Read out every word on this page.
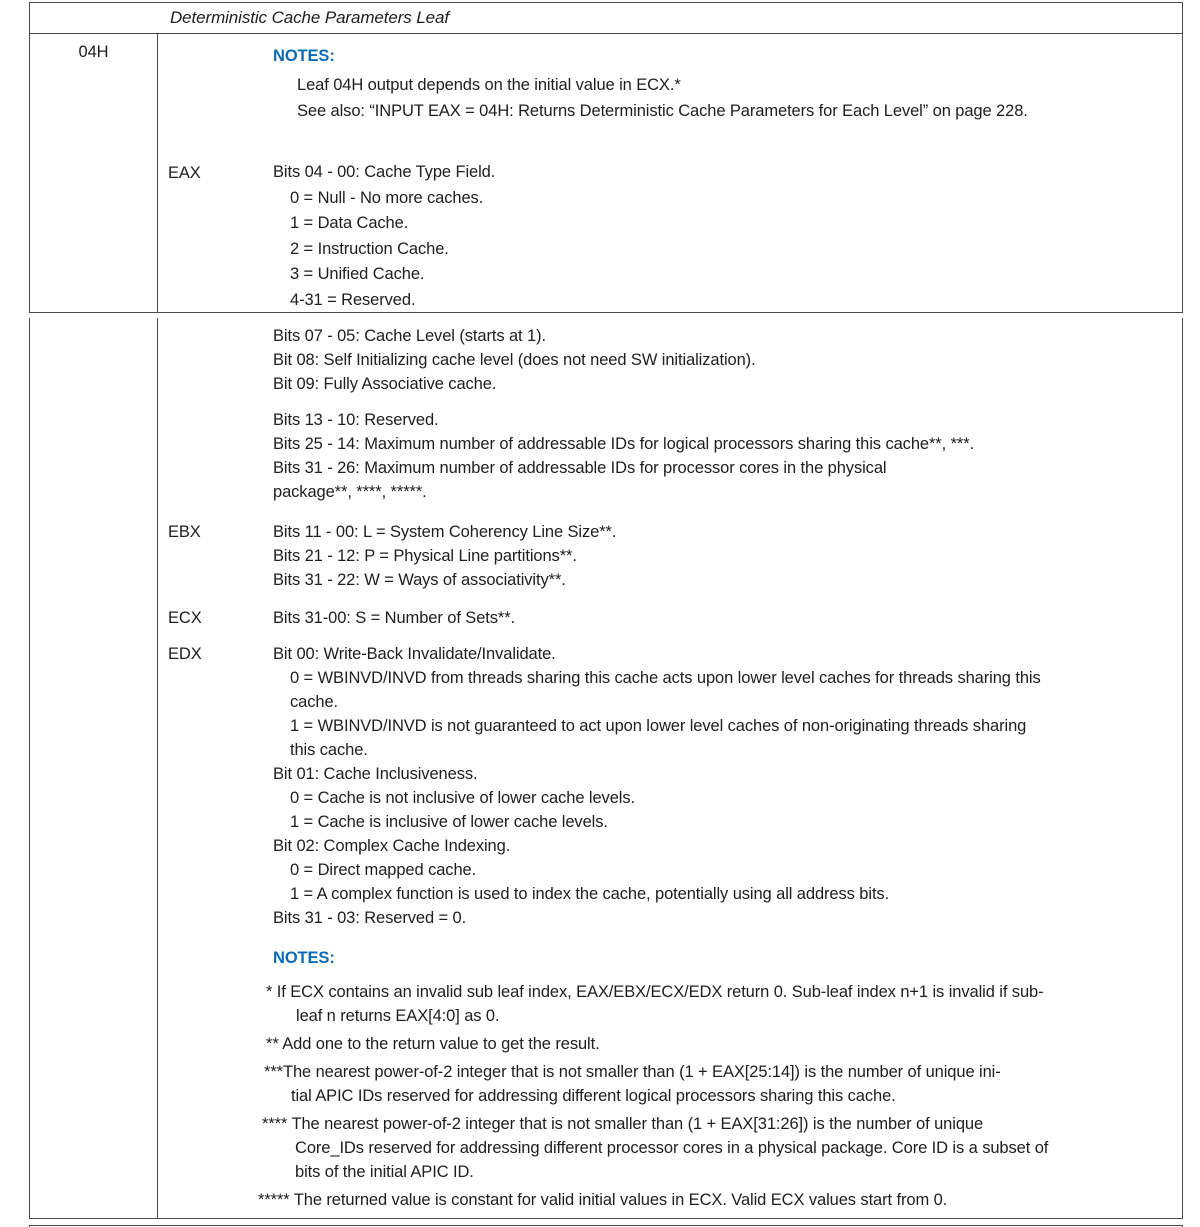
Deterministic Cache Parameters Leaf
04H	NOTES:
Leaf 04H output depends on the initial value in ECX.*
See also: “INPUT EAX = 04H: Returns Deterministic Cache Parameters for Each Level” on page 228.
EAX	Bits 04 - 00: Cache Type Field.
0 = Null - No more caches.
1 = Data Cache.
2 = Instruction Cache.
3 = Unified Cache.
4-31 = Reserved.
Bits 07 - 05: Cache Level (starts at 1).
Bit 08: Self Initializing cache level (does not need SW initialization).
Bit 09: Fully Associative cache.
Bits 13 - 10: Reserved.
Bits 25 - 14: Maximum number of addressable IDs for logical processors sharing this cache**, ***.
Bits 31 - 26: Maximum number of addressable IDs for processor cores in the physical
package**, ****, *****.
EBX	Bits 11 - 00: L = System Coherency Line Size**.
Bits 21 - 12: P = Physical Line partitions**.
Bits 31 - 22: W = Ways of associativity**.
ECX	Bits 31-00: S = Number of Sets**.
EDX	Bit 00: Write-Back Invalidate/Invalidate.
0 = WBINVD/INVD from threads sharing this cache acts upon lower level caches for threads sharing this
cache.
1 = WBINVD/INVD is not guaranteed to act upon lower level caches of non-originating threads sharing
this cache.
Bit 01: Cache Inclusiveness.
0 = Cache is not inclusive of lower cache levels.
1 = Cache is inclusive of lower cache levels.
Bit 02: Complex Cache Indexing.
0 = Direct mapped cache.
1 = A complex function is used to index the cache, potentially using all address bits.
Bits 31 - 03: Reserved = 0.
NOTES:
* If ECX contains an invalid sub leaf index, EAX/EBX/ECX/EDX return 0. Sub-leaf index n+1 is invalid if sub-
leaf n returns EAX[4:0] as 0.
** Add one to the return value to get the result.
***The nearest power-of-2 integer that is not smaller than (1 + EAX[25:14]) is the number of unique ini-
tial APIC IDs reserved for addressing different logical processors sharing this cache.
**** The nearest power-of-2 integer that is not smaller than (1 + EAX[31:26]) is the number of unique
Core_IDs reserved for addressing different processor cores in a physical package. Core ID is a subset of
bits of the initial APIC ID.
***** The returned value is constant for valid initial values in ECX. Valid ECX values start from 0.
